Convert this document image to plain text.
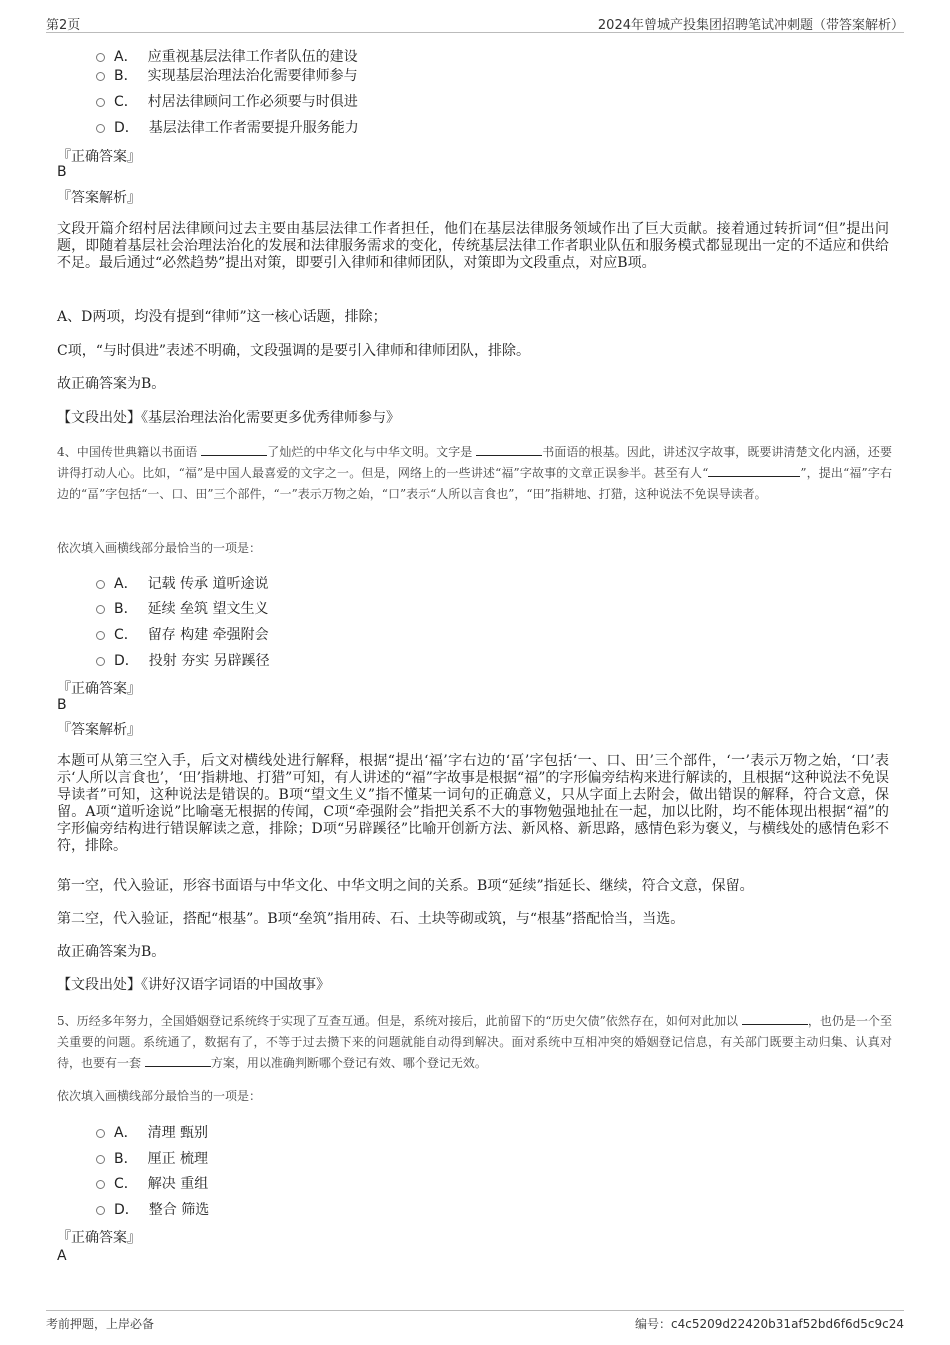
第2页	2024年曾城产投集团招聘笔试冲刺题（带答案解析）
A． 应重视基层法律工作者队伍的建设
B． 实现基层治理法治化需要律师参与
C． 村居法律顾问工作必须要与时俱进
D． 基层法律工作者需要提升服务能力
『正确答案』
B
『答案解析』
文段开篇介绍村居法律顾问过去主要由基层法律工作者担任，他们在基层法律服务领域作出了巨大贡献。接着通过转折词“但”提出问题，即随着基层社会治理法治化的发展和法律服务需求的变化，传统基层法律工作者职业队伍和服务模式都显现出一定的不适应和供给不足。最后通过“必然趋势”提出对策，即要引入律师和律师团队，对策即为文段重点，对应B项。
A、D两项，均没有提到“律师”这一核心话题，排除；
C项，“与时俱进”表述不明确，文段强调的是要引入律师和律师团队，排除。
故正确答案为B。
【文段出处】《基层治理法治化需要更多优秀律师参与》
4、中国传世典籍以书面语	了灿烂的中华文化与中华文明。文字是	书面语的根基。因此，讲述汉字故事，既要讲清楚文化内涵，还要讲得打动人心。比如，“福”是中国人最喜爱的文字之一。但是，网络上的一些讲述“福”字故事的文章正误参半。甚至有人“	”，提出“福”字右边的“畐”字包括“一、口、田”三个部件，“一”表示万物之始，“口”表示“人所以言食也”，“田”指耕地、打猎，这种说法不免误导读者。
依次填入画横线部分最恰当的一项是：
A． 记载 传承 道听途说
B． 延续 垒筑 望文生义
C． 留存 构建 牵强附会
D． 投射 夯实 另辟蹊径
『正确答案』
B
『答案解析』
本题可从第三空入手，后文对横线处进行解释，根据“提出‘福’字右边的‘畐’字包括‘一、口、田’三个部件，‘一’表示万物之始，‘口’表示‘人所以言食也’，‘田’指耕地、打猎”可知，有人讲述的“福”字故事是根据“福”的字形偏旁结构来进行解读的，且根据“这种说法不免误导读者”可知，这种说法是错误的。B项“望文生义”指不懂某一词句的正确意义，只从字面上去附会，做出错误的解释，符合文意，保留。A项“道听途说”比喻毫无根据的传闻，C项“牵强附会”指把关系不大的事物勉强地扯在一起，加以比附，均不能体现出根据“福”的字形偏旁结构进行错误解读之意，排除；D项“另辟蹊径”比喻开创新方法、新风格、新思路，感情色彩为褒义，与横线处的感情色彩不符，排除。
第一空，代入验证，形容书面语与中华文化、中华文明之间的关系。B项“延续”指延长、继续，符合文意，保留。
第二空，代入验证，搭配“根基”。B项“垒筑”指用砖、石、土块等砌或筑，与“根基”搭配恰当，当选。
故正确答案为B。
【文段出处】《讲好汉语字词语的中国故事》
5、历经多年努力，全国婚姻登记系统终于实现了互查互通。但是，系统对接后，此前留下的“历史欠债”依然存在，如何对此加以	，也仍是一个至关重要的问题。系统通了，数据有了，不等于过去攒下来的问题就能自动得到解决。面对系统中互相冲突的婚姻登记信息，有关部门既要主动归集、认真对待，也要有一套	方案，用以准确判断哪个登记有效、哪个登记无效。
依次填入画横线部分最恰当的一项是：
A． 清理 甄别
B． 厘正 梳理
C． 解决 重组
D． 整合 筛选
『正确答案』
A
考前押题，上岸必备	编号：c4c5209d22420b31af52bd6f6d5c9c24
